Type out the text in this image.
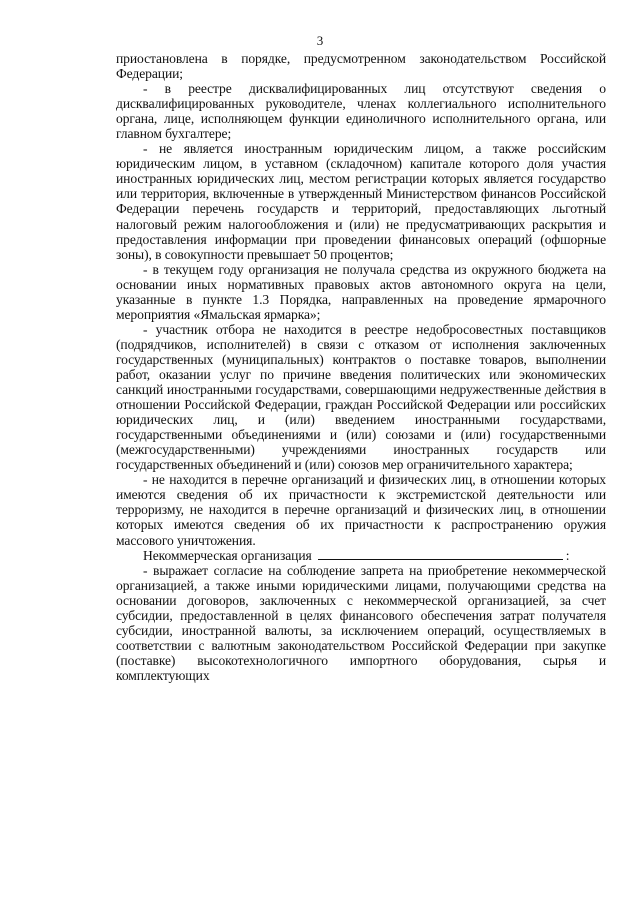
3

приостановлена в порядке, предусмотренном законодательством Российской Федерации;

- в реестре дисквалифицированных лиц отсутствуют сведения о дисквалифицированных руководителе, членах коллегиального исполнительного органа, лице, исполняющем функции единоличного исполнительного органа, или главном бухгалтере;

- не является иностранным юридическим лицом, а также российским юридическим лицом, в уставном (складочном) капитале которого доля участия иностранных юридических лиц, местом регистрации которых является государство или территория, включенные в утвержденный Министерством финансов Российской Федерации перечень государств и территорий, предоставляющих льготный налоговый режим налогообложения и (или) не предусматривающих раскрытия и предоставления информации при проведении финансовых операций (офшорные зоны), в совокупности превышает 50 процентов;

- в текущем году организация не получала средства из окружного бюджета на основании иных нормативных правовых актов автономного округа на цели, указанные в пункте 1.3 Порядка, направленных на проведение ярмарочного мероприятия «Ямальская ярмарка»;

- участник отбора не находится в реестре недобросовестных поставщиков (подрядчиков, исполнителей) в связи с отказом от исполнения заключенных государственных (муниципальных) контрактов о поставке товаров, выполнении работ, оказании услуг по причине введения политических или экономических санкций иностранными государствами, совершающими недружественные действия в отношении Российской Федерации, граждан Российской Федерации или российских юридических лиц, и (или) введением иностранными государствами, государственными объединениями и (или) союзами и (или) государственными (межгосударственными) учреждениями иностранных государств или государственных объединений и (или) союзов мер ограничительного характера;

- не находится в перечне организаций и физических лиц, в отношении которых имеются сведения об их причастности к экстремистской деятельности или терроризму, не находится в перечне организаций и физических лиц, в отношении которых имеются сведения об их причастности к распространению оружия массового уничтожения.

Некоммерческая организация	:

- выражает согласие на соблюдение запрета на приобретение некоммерческой организацией, а также иными юридическими лицами, получающими средства на основании договоров, заключенных с некоммерческой организацией, за счет субсидии, предоставленной в целях финансового обеспечения затрат получателя субсидии, иностранной валюты, за исключением операций, осуществляемых в соответствии с валютным законодательством Российской Федерации при закупке (поставке) высокотехнологичного импортного оборудования, сырья и комплектующих
